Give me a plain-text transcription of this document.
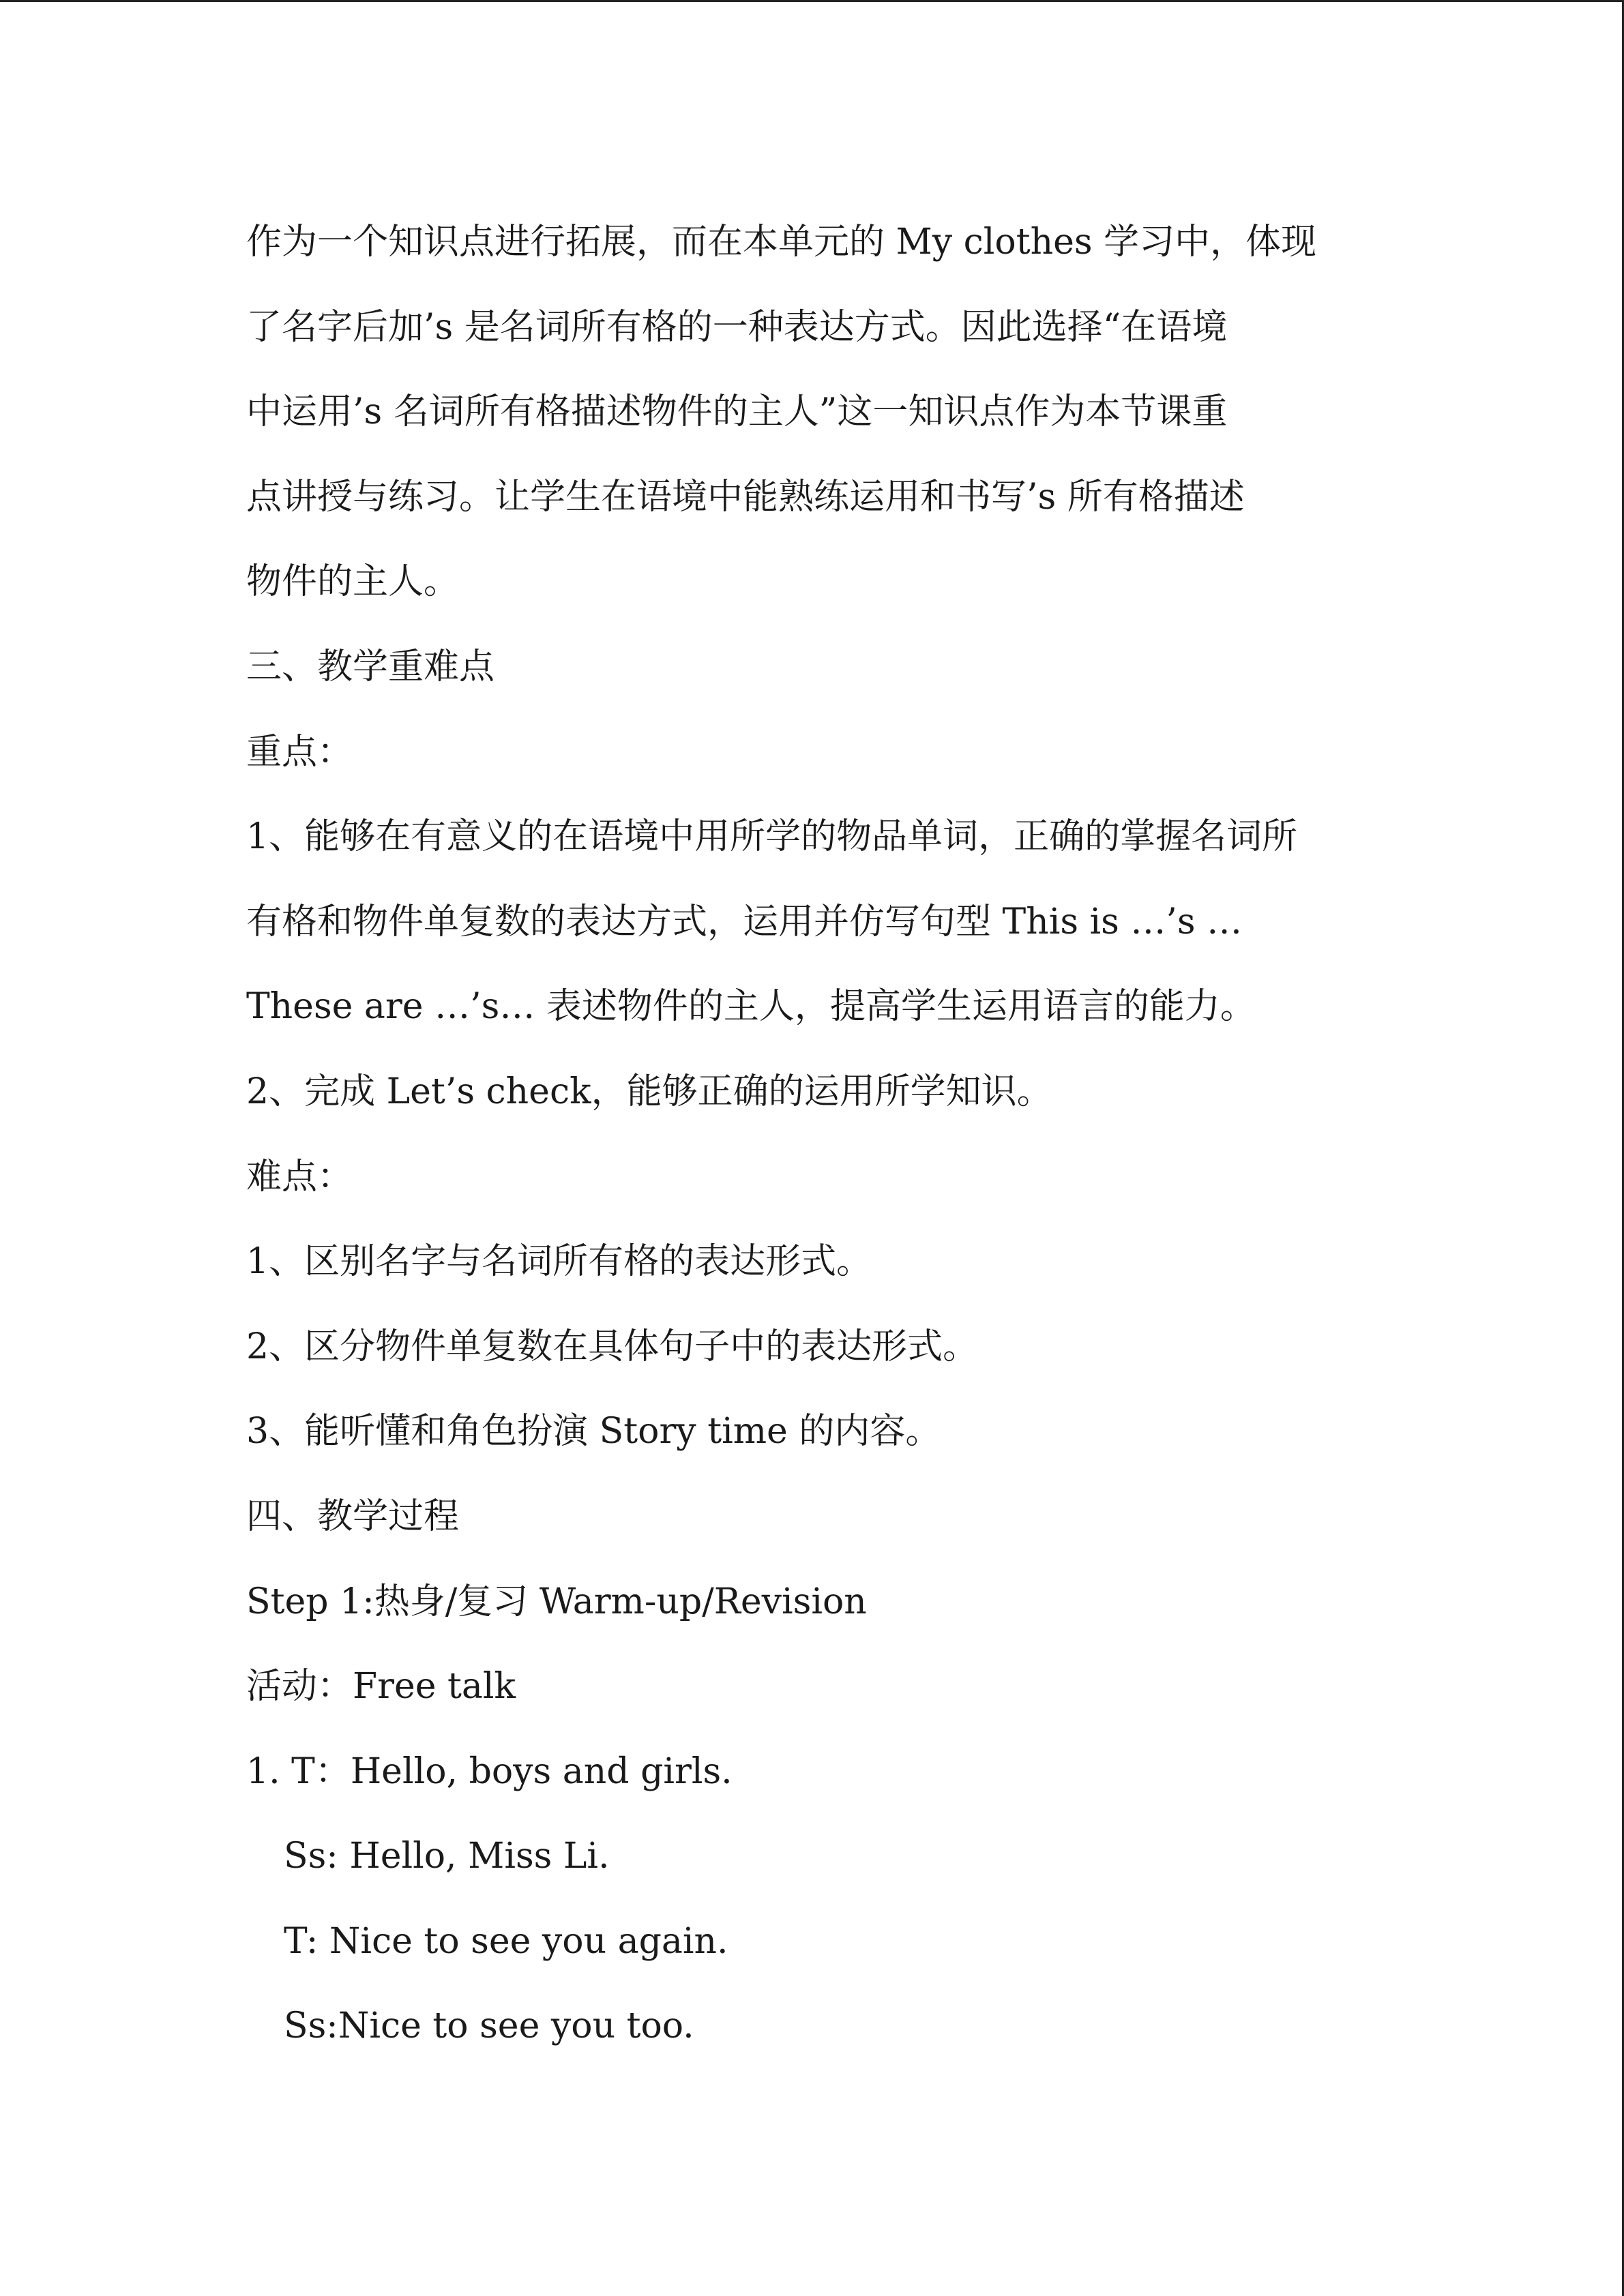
作为一个知识点进行拓展，而在本单元的 My clothes 学习中，体现
了名字后加’s 是名词所有格的一种表达方式。因此选择“在语境
中运用’s 名词所有格描述物件的主人”这一知识点作为本节课重
点讲授与练习。让学生在语境中能熟练运用和书写’s 所有格描述
物件的主人。
三、教学重难点
重点：
1、能够在有意义的在语境中用所学的物品单词，正确的掌握名词所
有格和物件单复数的表达方式，运用并仿写句型 This is …’s …
These are …’s… 表述物件的主人，提高学生运用语言的能力。
2、完成 Let’s check，能够正确的运用所学知识。
难点：
1、区别名字与名词所有格的表达形式。
2、区分物件单复数在具体句子中的表达形式。
3、能听懂和角色扮演 Story time 的内容。
四、教学过程
Step 1:热身/复习 Warm-up/Revision
活动：Free talk
1. T：Hello, boys and girls.
Ss: Hello, Miss Li.
T: Nice to see you again.
Ss:Nice to see you too.
